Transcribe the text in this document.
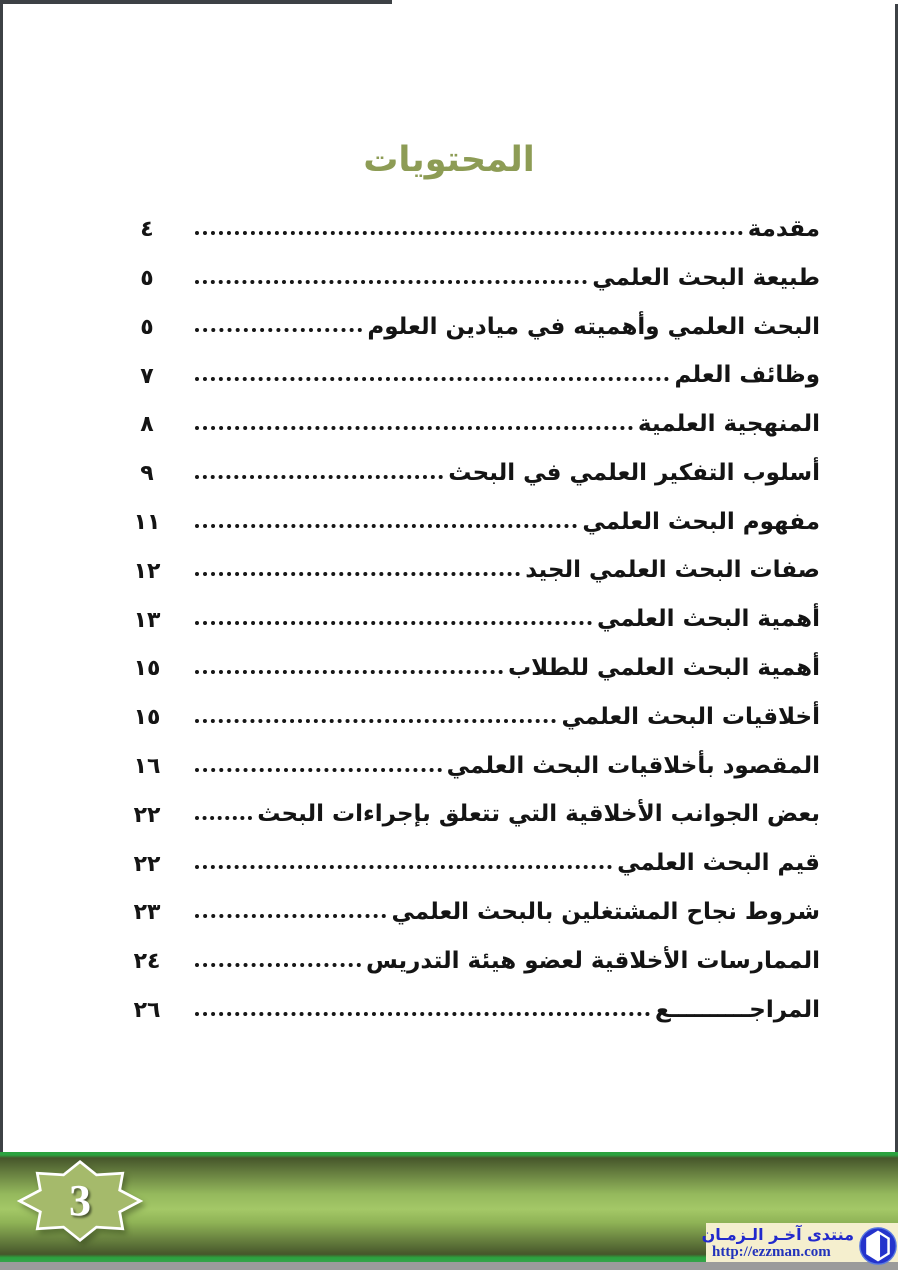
المحتويات
مقدمة
٤
طبيعة البحث العلمي
٥
البحث العلمي وأهميته في ميادين العلوم
٥
وظائف العلم
٧
المنهجية العلمية
٨
أسلوب التفكير العلمي في البحث
٩
مفهوم البحث العلمي
١١
صفات البحث العلمي الجيد
١٢
أهمية البحث العلمي
١٣
أهمية البحث العلمي للطلاب
١٥
أخلاقيات البحث العلمي
١٥
المقصود بأخلاقيات البحث العلمي
١٦
بعض الجوانب الأخلاقية التي تتعلق بإجراءات البحث
٢٢
قيم البحث العلمي
٢٢
شروط نجاح المشتغلين بالبحث العلمي
٢٣
الممارسات الأخلاقية لعضو هيئة التدريس
٢٤
المراجــــــــــع
٢٦
3
منتدى آخـر الـزمـان
http://ezzman.com
